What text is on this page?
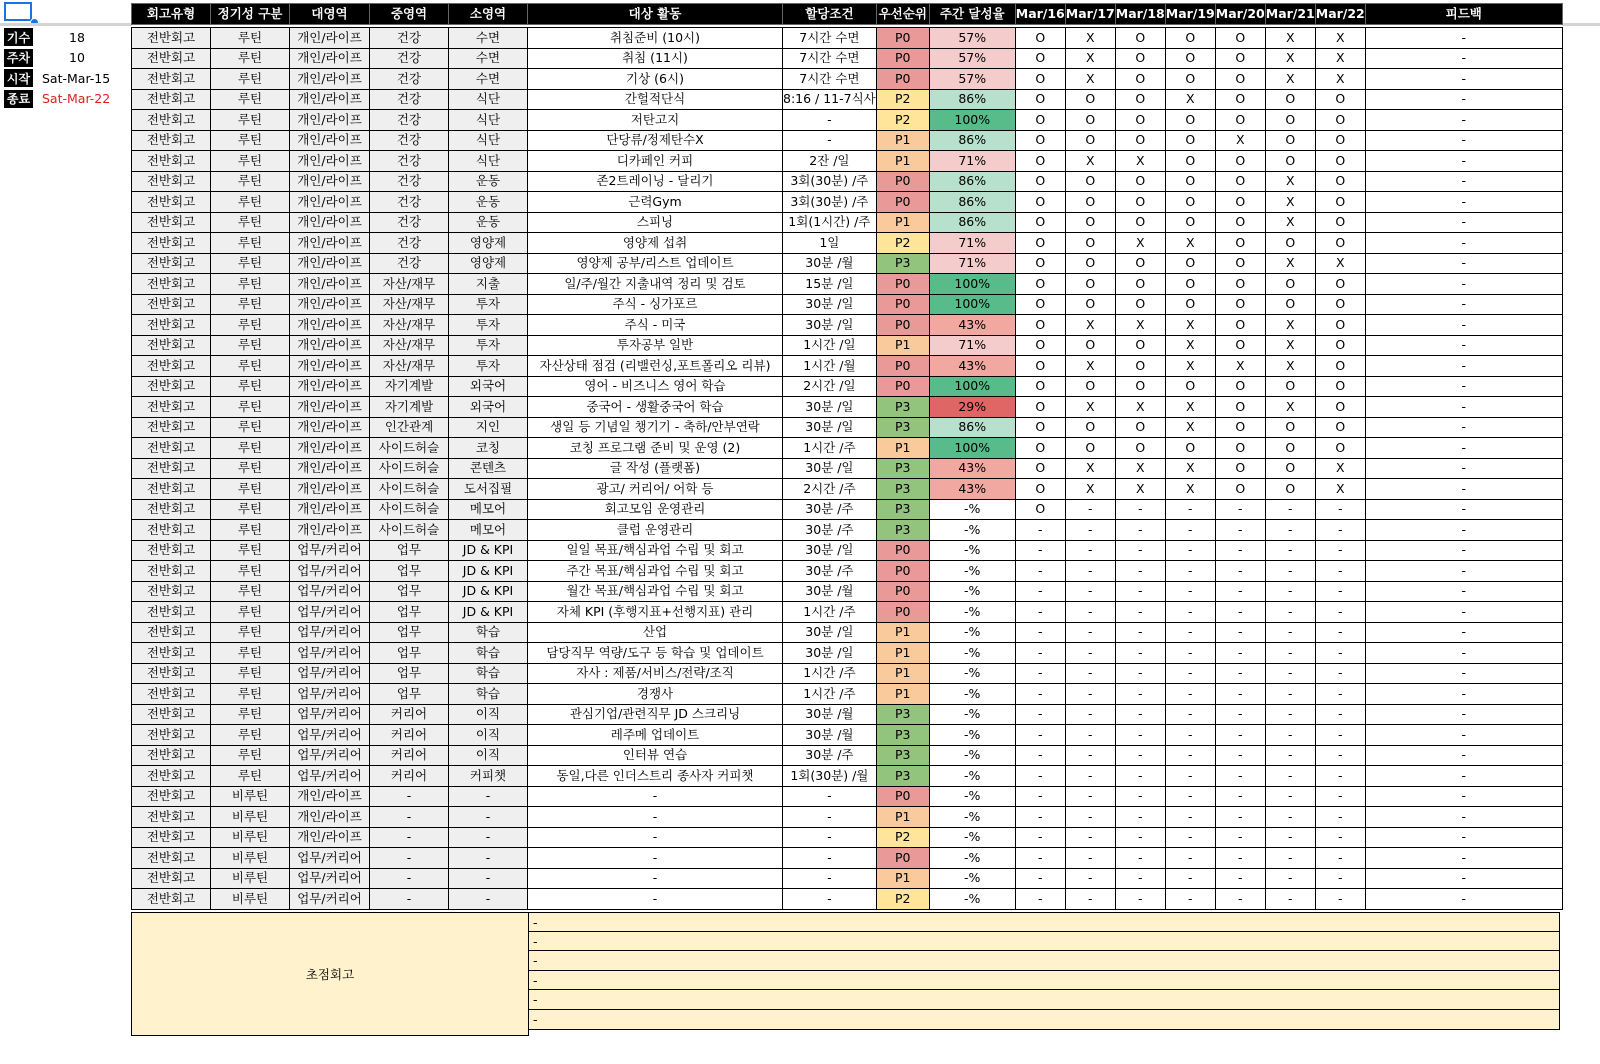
기수	18
주차	10
시작 Sat-Mar-15
종료 Sat-Mar-22
회고유형	정기성 구분	대영역	중영역	소영역	대상 활동	할당조건	우선순위	주간 달성율	Mar/16	Mar/17	Mar/18	Mar/19	Mar/20	Mar/21	Mar/22	피드백

전반회고	루틴	개인/라이프	건강	수면	취침준비 (10시)	7시간 수면	P0	57%	O	X	O	O	O	X	X	-
전반회고	루틴	개인/라이프	건강	수면	취침 (11시)	7시간 수면	P0	57%	O	X	O	O	O	X	X	-
전반회고	루틴	개인/라이프	건강	수면	기상 (6시)	7시간 수면	P0	57%	O	X	O	O	O	X	X	-
전반회고	루틴	개인/라이프	건강	식단	간헐적단식	8:16 / 11-7식사	P2	86%	O	O	O	X	O	O	O	-
전반회고	루틴	개인/라이프	건강	식단	저탄고지	-	P2	100%	O	O	O	O	O	O	O	-
전반회고	루틴	개인/라이프	건강	식단	단당류/정제탄수X	-	P1	86%	O	O	O	O	X	O	O	-
전반회고	루틴	개인/라이프	건강	식단	디카페인 커피	2잔 /일	P1	71%	O	X	X	O	O	O	O	-
전반회고	루틴	개인/라이프	건강	운동	존2트레이닝 - 달리기	3회(30분) /주	P0	86%	O	O	O	O	O	X	O	-
전반회고	루틴	개인/라이프	건강	운동	근력Gym	3회(30분) /주	P0	86%	O	O	O	O	O	X	O	-
전반회고	루틴	개인/라이프	건강	운동	스피닝	1회(1시간) /주	P1	86%	O	O	O	O	O	X	O	-
전반회고	루틴	개인/라이프	건강	영양제	영양제 섭취	1일	P2	71%	O	O	X	X	O	O	O	-
전반회고	루틴	개인/라이프	건강	영양제	영양제 공부/리스트 업데이트	30분 /월	P3	71%	O	O	O	O	O	X	X	-
전반회고	루틴	개인/라이프	자산/재무	지출	일/주/월간 지출내역 정리 및 검토	15분 /일	P0	100%	O	O	O	O	O	O	O	-
전반회고	루틴	개인/라이프	자산/재무	투자	주식 - 싱가포르	30분 /일	P0	100%	O	O	O	O	O	O	O	-
전반회고	루틴	개인/라이프	자산/재무	투자	주식 - 미국	30분 /일	P0	43%	O	X	X	X	O	X	O	-
전반회고	루틴	개인/라이프	자산/재무	투자	투자공부 일반	1시간 /일	P1	71%	O	O	O	X	O	X	O	-
전반회고	루틴	개인/라이프	자산/재무	투자	자산상태 점검 (리밸런싱,포트폴리오 리뷰)	1시간 /월	P0	43%	O	X	O	X	X	X	O	-
전반회고	루틴	개인/라이프	자기계발	외국어	영어 - 비즈니스 영어 학습	2시간 /일	P0	100%	O	O	O	O	O	O	O	-
전반회고	루틴	개인/라이프	자기계발	외국어	중국어 - 생활중국어 학습	30분 /일	P3	29%	O	X	X	X	O	X	O	-
전반회고	루틴	개인/라이프	인간관계	지인	생일 등 기념일 챙기기 - 축하/안부연락	30분 /일	P3	86%	O	O	O	X	O	O	O	-
전반회고	루틴	개인/라이프	사이드허슬	코칭	코칭 프로그램 준비 및 운영 (2)	1시간 /주	P1	100%	O	O	O	O	O	O	O	-
전반회고	루틴	개인/라이프	사이드허슬	콘텐츠	글 작성 (플랫폼)	30분 /일	P3	43%	O	X	X	X	O	O	X	-
전반회고	루틴	개인/라이프	사이드허슬	도서집필	광고/ 커리어/ 어학 등	2시간 /주	P3	43%	O	X	X	X	O	O	X	-
전반회고	루틴	개인/라이프	사이드허슬	메모어	회고모임 운영관리	30분 /주	P3	-%	O	-	-	-	-	-	-	-
전반회고	루틴	개인/라이프	사이드허슬	메모어	클럽 운영관리	30분 /주	P3	-%	-	-	-	-	-	-	-	-
전반회고	루틴	업무/커리어	업무	JD & KPI	일일 목표/핵심과업 수립 및 회고	30분 /일	P0	-%	-	-	-	-	-	-	-	-
전반회고	루틴	업무/커리어	업무	JD & KPI	주간 목표/핵심과업 수립 및 회고	30분 /주	P0	-%	-	-	-	-	-	-	-	-
전반회고	루틴	업무/커리어	업무	JD & KPI	월간 목표/핵심과업 수립 및 회고	30분 /월	P0	-%	-	-	-	-	-	-	-	-
전반회고	루틴	업무/커리어	업무	JD & KPI	자체 KPI (후행지표+선행지표) 관리	1시간 /주	P0	-%	-	-	-	-	-	-	-	-
전반회고	루틴	업무/커리어	업무	학습	산업	30분 /일	P1	-%	-	-	-	-	-	-	-	-
전반회고	루틴	업무/커리어	업무	학습	담당직무 역량/도구 등 학습 및 업데이트	30분 /일	P1	-%	-	-	-	-	-	-	-	-
전반회고	루틴	업무/커리어	업무	학습	자사 : 제품/서비스/전략/조직	1시간 /주	P1	-%	-	-	-	-	-	-	-	-
전반회고	루틴	업무/커리어	업무	학습	경쟁사	1시간 /주	P1	-%	-	-	-	-	-	-	-	-
전반회고	루틴	업무/커리어	커리어	이직	관심기업/관련직무 JD 스크리닝	30분 /월	P3	-%	-	-	-	-	-	-	-	-
전반회고	루틴	업무/커리어	커리어	이직	레주메 업데이트	30분 /월	P3	-%	-	-	-	-	-	-	-	-
전반회고	루틴	업무/커리어	커리어	이직	인터뷰 연습	30분 /주	P3	-%	-	-	-	-	-	-	-	-
전반회고	루틴	업무/커리어	커리어	커피챗	동일,다른 인더스트리 종사자 커피챗	1회(30분) /월	P3	-%	-	-	-	-	-	-	-	-
전반회고	비루틴	개인/라이프	-	-	-	-	P0	-%	-	-	-	-	-	-	-	-
전반회고	비루틴	개인/라이프	-	-	-	-	P1	-%	-	-	-	-	-	-	-	-
전반회고	비루틴	개인/라이프	-	-	-	-	P2	-%	-	-	-	-	-	-	-	-
전반회고	비루틴	업무/커리어	-	-	-	-	P0	-%	-	-	-	-	-	-	-	-
전반회고	비루틴	업무/커리어	-	-	-	-	P1	-%	-	-	-	-	-	-	-	-
전반회고	비루틴	업무/커리어	-	-	-	-	P2	-%	-	-	-	-	-	-	-	-
초점회고
-
-
-
-
-
-
